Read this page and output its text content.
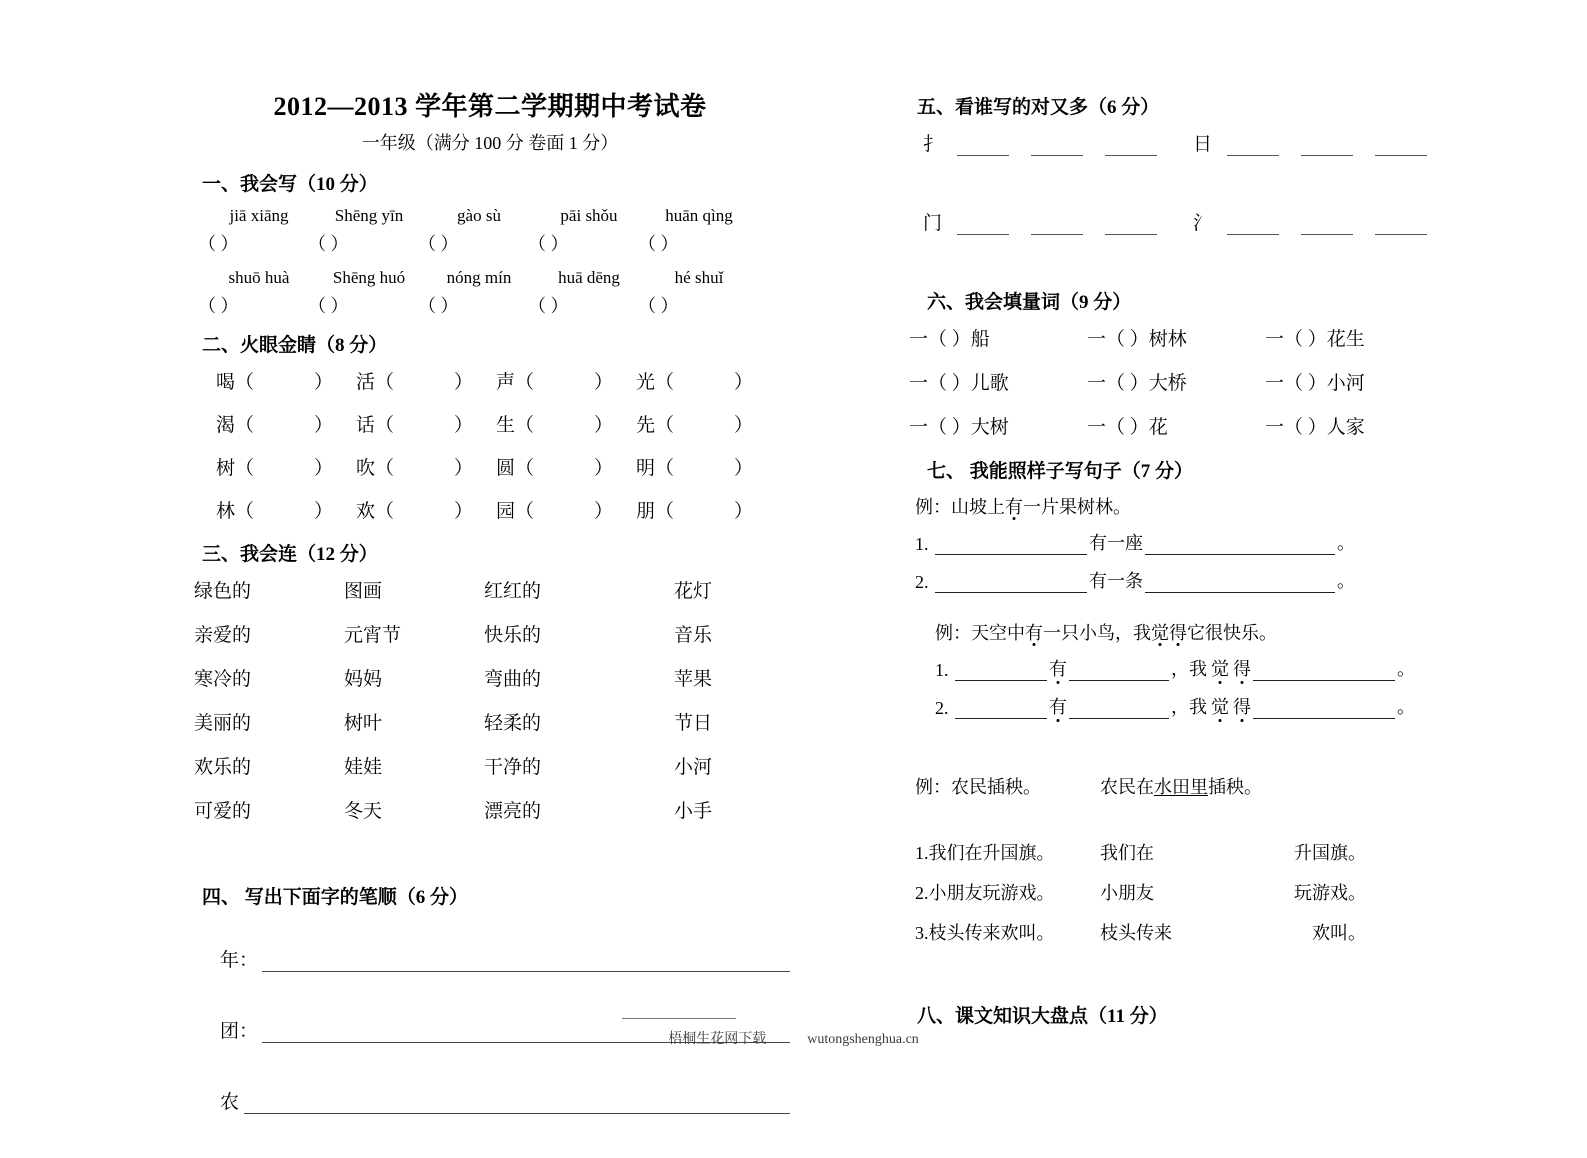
2012—2013 学年第二学期期中考试卷
一年级（满分 100 分 卷面 1 分）
一、我会写（10 分）
jiā xiāng	Shēng yīn	gào sù	pāi shǒu	huān qìng
（ ）	（ ）	（ ）	（ ）	（ ）
shuō huà	Shēng huó	nóng mín	huā dēng	hé shuǐ
（ ）	（ ）	（ ）	（ ）	（ ）
二、火眼金睛（8 分）
喝（	）	活（	）	声（	）	光（	）
渴（	）	话（	）	生（	）	先（	）
树（	）	吹（	）	圆（	）	明（	）
林（	）	欢（	）	园（	）	朋（	）
三、我会连（12 分）
绿色的	图画	红红的	花灯
亲爱的	元宵节	快乐的	音乐
寒冷的	妈妈	弯曲的	苹果
美丽的	树叶	轻柔的	节日
欢乐的	娃娃	干净的	小河
可爱的	冬天	漂亮的	小手
四、 写出下面字的笔顺（6 分）
年：
团：
农
五、看谁写的对又多（6 分）
扌	日
门	氵
六、我会填量词（9 分）
一（ ）船	一（ ）树林	一（ ）花生
一（ ）儿歌	一（ ）大桥	一（ ）小河
一（ ）大树	一（ ）花	一（ ）人家
七、 我能照样子写句子（7 分）
例：山坡上有一片果树林。
1.	有一座	。
2.	有一条	。
例：天空中有一只小鸟，我觉得它很快乐。
1.	有	，我 觉 得	。
2.	有	，我 觉 得	。
例：农民插秧。	农民在 水田里 插秧。
1.我们在升国旗。	我们在	升国旗。
2.小朋友玩游戏。	小朋友	玩游戏。
3.枝头传来欢叫。	枝头传来	欢叫。
八、课文知识大盘点（11 分）
梧桐生花网下载	wutongshenghua.cn
